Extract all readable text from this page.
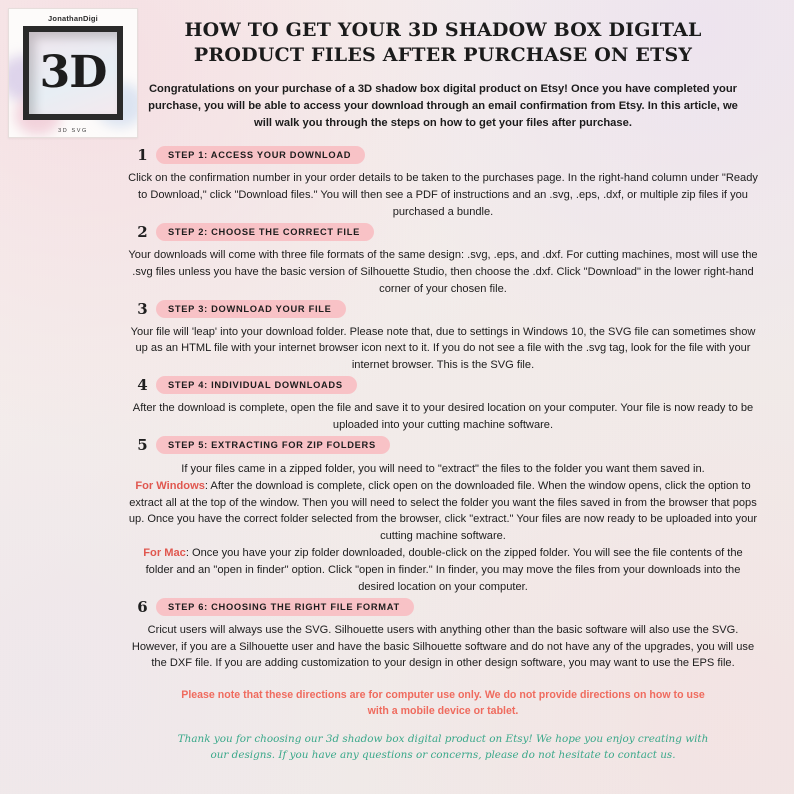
JonathanDigi
3D
3D SVG
HOW TO GET YOUR 3D SHADOW BOX DIGITAL PRODUCT FILES AFTER PURCHASE ON ETSY

Congratulations on your purchase of a 3D shadow box digital product on Etsy! Once you have completed your purchase, you will be able to access your download through an email confirmation from Etsy. In this article, we will walk you through the steps on how to get your files after purchase.

1	STEP 1: ACCESS YOUR DOWNLOAD
Click on the confirmation number in your order details to be taken to the purchases page. In the right-hand column under "Ready to Download," click "Download files." You will then see a PDF of instructions and an .svg, .eps, .dxf, or multiple zip files if you purchased a bundle.
2	STEP 2: CHOOSE THE CORRECT FILE
Your downloads will come with three file formats of the same design: .svg, .eps, and .dxf. For cutting machines, most will use the .svg files unless you have the basic version of Silhouette Studio, then choose the .dxf. Click "Download" in the lower right-hand corner of your chosen file.
3	STEP 3: DOWNLOAD YOUR FILE
Your file will 'leap' into your download folder. Please note that, due to settings in Windows 10, the SVG file can sometimes show up as an HTML file with your internet browser icon next to it. If you do not see a file with the .svg tag, look for the file with your internet browser. This is the SVG file.
4	STEP 4: INDIVIDUAL DOWNLOADS
After the download is complete, open the file and save it to your desired location on your computer. Your file is now ready to be uploaded into your cutting machine software.
5	STEP 5: EXTRACTING FOR ZIP FOLDERS
If your files came in a zipped folder, you will need to "extract" the files to the folder you want them saved in.
For Windows: After the download is complete, click open on the downloaded file. When the window opens, click the option to extract all at the top of the window. Then you will need to select the folder you want the files saved in from the browser that pops up. Once you have the correct folder selected from the browser, click "extract." Your files are now ready to be uploaded into your cutting machine software.
For Mac: Once you have your zip folder downloaded, double-click on the zipped folder. You will see the file contents of the folder and an "open in finder" option. Click "open in finder." In finder, you may move the files from your downloads into the desired location on your computer.
6	STEP 6: CHOOSING THE RIGHT FILE FORMAT
Cricut users will always use the SVG. Silhouette users with anything other than the basic software will also use the SVG. However, if you are a Silhouette user and have the basic Silhouette software and do not have any of the upgrades, you will use the DXF file. If you are adding customization to your design in other design software, you may want to use the EPS file.

Please note that these directions are for computer use only. We do not provide directions on how to use with a mobile device or tablet.

Thank you for choosing our 3d shadow box digital product on Etsy! We hope you enjoy creating with our designs. If you have any questions or concerns, please do not hesitate to contact us.
